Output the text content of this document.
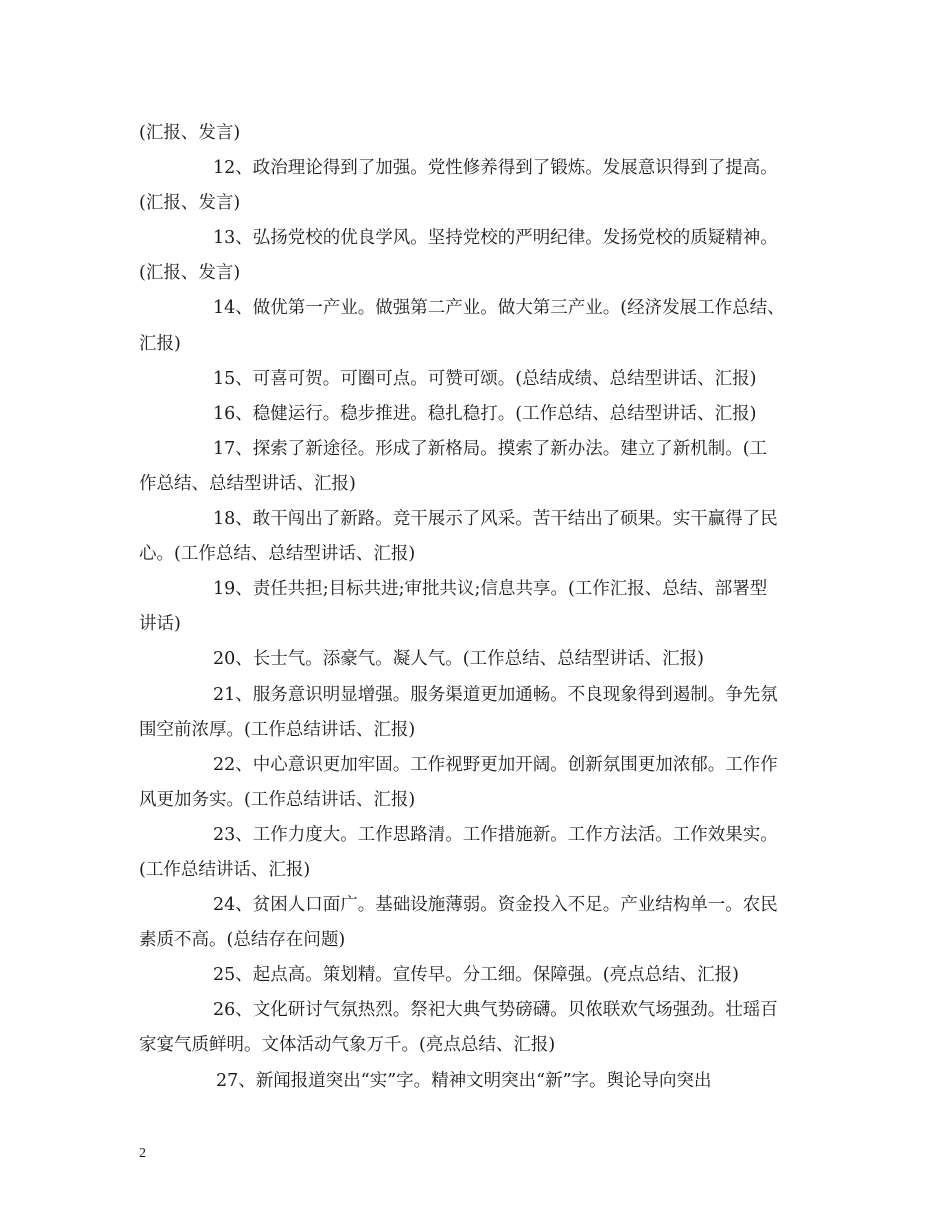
(汇报、发言)
12、政治理论得到了加强。党性修养得到了锻炼。发展意识得到了提高。
(汇报、发言)
13、弘扬党校的优良学风。坚持党校的严明纪律。发扬党校的质疑精神。
(汇报、发言)
14、做优第一产业。做强第二产业。做大第三产业。(经济发展工作总结、
汇报)
15、可喜可贺。可圈可点。可赞可颂。(总结成绩、总结型讲话、汇报)
16、稳健运行。稳步推进。稳扎稳打。(工作总结、总结型讲话、汇报)
17、探索了新途径。形成了新格局。摸索了新办法。建立了新机制。(工
作总结、总结型讲话、汇报)
18、敢干闯出了新路。竞干展示了风采。苦干结出了硕果。实干赢得了民
心。(工作总结、总结型讲话、汇报)
19、责任共担;目标共进;审批共议;信息共享。(工作汇报、总结、部署型
讲话)
20、长士气。添豪气。凝人气。(工作总结、总结型讲话、汇报)
21、服务意识明显增强。服务渠道更加通畅。不良现象得到遏制。争先氛
围空前浓厚。(工作总结讲话、汇报)
22、中心意识更加牢固。工作视野更加开阔。创新氛围更加浓郁。工作作
风更加务实。(工作总结讲话、汇报)
23、工作力度大。工作思路清。工作措施新。工作方法活。工作效果实。
(工作总结讲话、汇报)
24、贫困人口面广。基础设施薄弱。资金投入不足。产业结构单一。农民
素质不高。(总结存在问题)
25、起点高。策划精。宣传早。分工细。保障强。(亮点总结、汇报)
26、文化研讨气氛热烈。祭祀大典气势磅礴。贝侬联欢气场强劲。壮瑶百
家宴气质鲜明。文体活动气象万千。(亮点总结、汇报)
27、新闻报道突出“实”字。精神文明突出“新”字。舆论导向突出
2
